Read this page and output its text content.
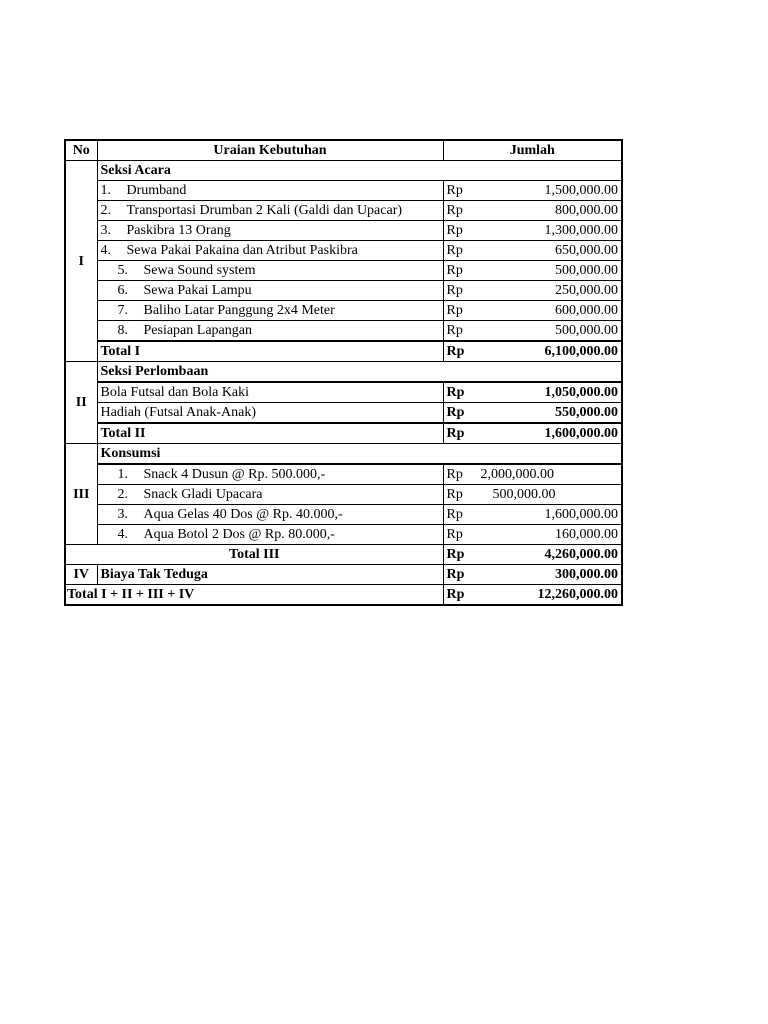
No	Uraian Kebutuhan	Jumlah	
I	Seksi Acara		
	1. Drumband	Rp	1,500,000.00
	2. Transportasi Drumban 2 Kali (Galdi dan Upacar)	Rp	800,000.00
	3. Paskibra 13 Orang	Rp	1,300,000.00
	4. Sewa Pakai Pakaina dan Atribut Paskibra	Rp	650,000.00
	5. Sewa Sound system	Rp	500,000.00
	6. Sewa Pakai Lampu	Rp	250,000.00
	7. Baliho Latar Panggung 2x4 Meter	Rp	600,000.00
	8. Pesiapan Lapangan	Rp	500,000.00
	Total I	Rp	6,100,000.00
II	Seksi Perlombaan		
	Bola Futsal dan Bola Kaki	Rp	1,050,000.00
	Hadiah (Futsal Anak-Anak)	Rp	550,000.00
	Total II	Rp	1,600,000.00
III	Konsumsi		
	1. Snack 4 Dusun @ Rp. 500.000,-	Rp 2,000,000.00	

	2. Snack Gladi Upacara	Rp 500,000.00	

	3. Aqua Gelas 40 Dos @ Rp. 40.000,-	Rp	1,600,000.00
	4. Aqua Botol 2 Dos @ Rp. 80.000,-	Rp	160,000.00
Total III		Rp	4,260,000.00
IV	Biaya Tak Teduga	Rp	300,000.00
Total I + II + III + IV		Rp	12,260,000.00
